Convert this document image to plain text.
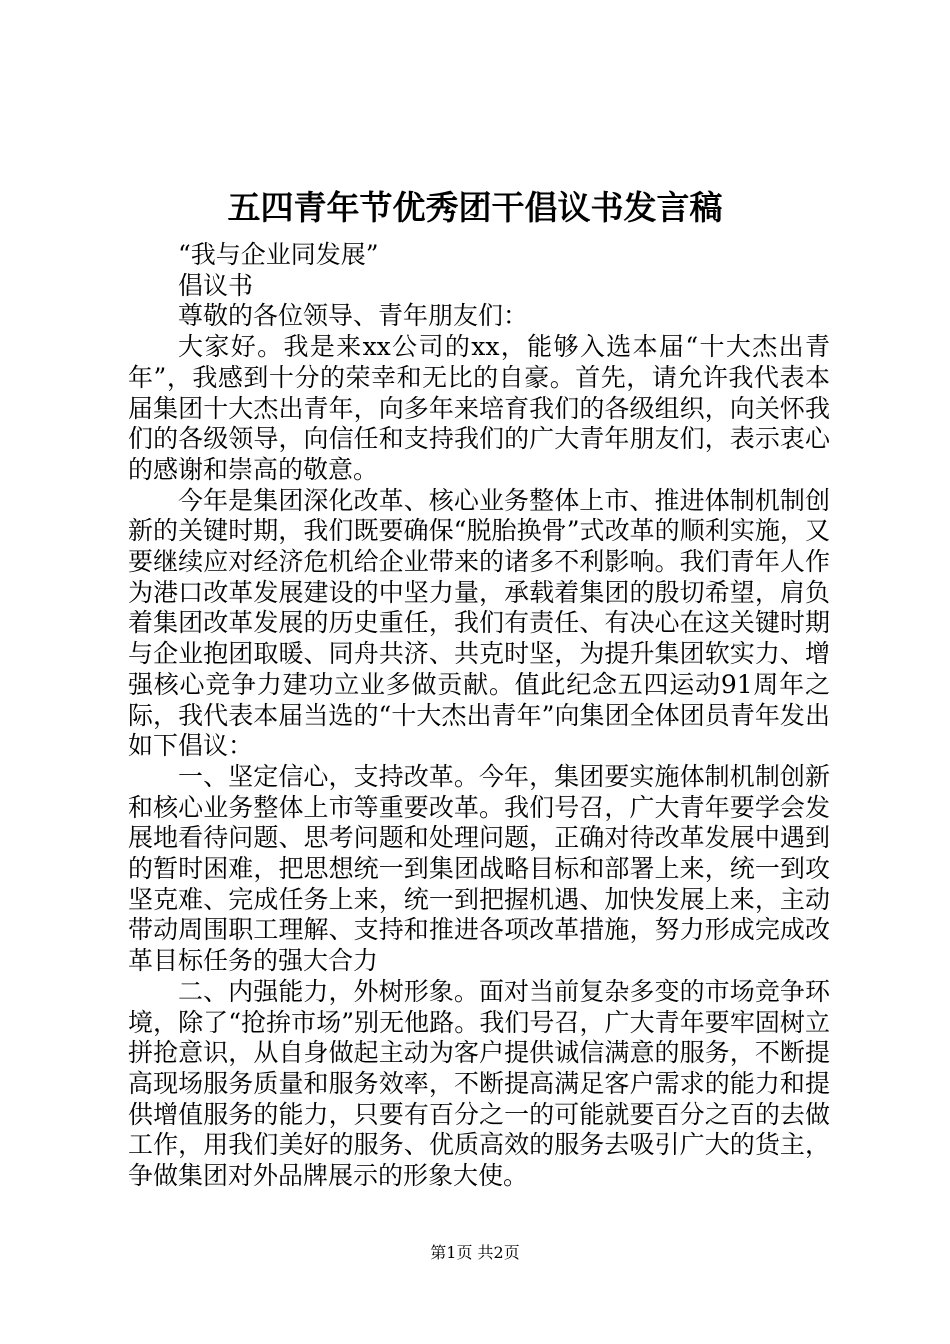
五四青年节优秀团干倡议书发言稿

“我与企业同发展”

倡议书

尊敬的各位领导、青年朋友们：

大家好。我是来xx公司的xx，能够入选本届“十大杰出青年”，我感到十分的荣幸和无比的自豪。首先，请允许我代表本届集团十大杰出青年，向多年来培育我们的各级组织，向关怀我们的各级领导，向信任和支持我们的广大青年朋友们，表示衷心的感谢和崇高的敬意。

今年是集团深化改革、核心业务整体上市、推进体制机制创新的关键时期，我们既要确保“脱胎换骨”式改革的顺利实施，又要继续应对经济危机给企业带来的诸多不利影响。我们青年人作为港口改革发展建设的中坚力量，承载着集团的殷切希望，肩负着集团改革发展的历史重任，我们有责任、有决心在这关键时期与企业抱团取暖、同舟共济、共克时坚，为提升集团软实力、增强核心竞争力建功立业多做贡献。值此纪念五四运动91周年之际，我代表本届当选的“十大杰出青年”向集团全体团员青年发出如下倡议：

一、坚定信心，支持改革。今年，集团要实施体制机制创新和核心业务整体上市等重要改革。我们号召，广大青年要学会发展地看待问题、思考问题和处理问题，正确对待改革发展中遇到的暂时困难，把思想统一到集团战略目标和部署上来，统一到攻坚克难、完成任务上来，统一到把握机遇、加快发展上来，主动带动周围职工理解、支持和推进各项改革措施，努力形成完成改革目标任务的强大合力

二、内强能力，外树形象。面对当前复杂多变的市场竞争环境，除了“抢拚市场”别无他路。我们号召，广大青年要牢固树立拼抢意识，从自身做起主动为客户提供诚信满意的服务，不断提高现场服务质量和服务效率，不断提高满足客户需求的能力和提供增值服务的能力，只要有百分之一的可能就要百分之百的去做工作，用我们美好的服务、优质高效的服务去吸引广大的货主，争做集团对外品牌展示的形象大使。

第1页 共2页
